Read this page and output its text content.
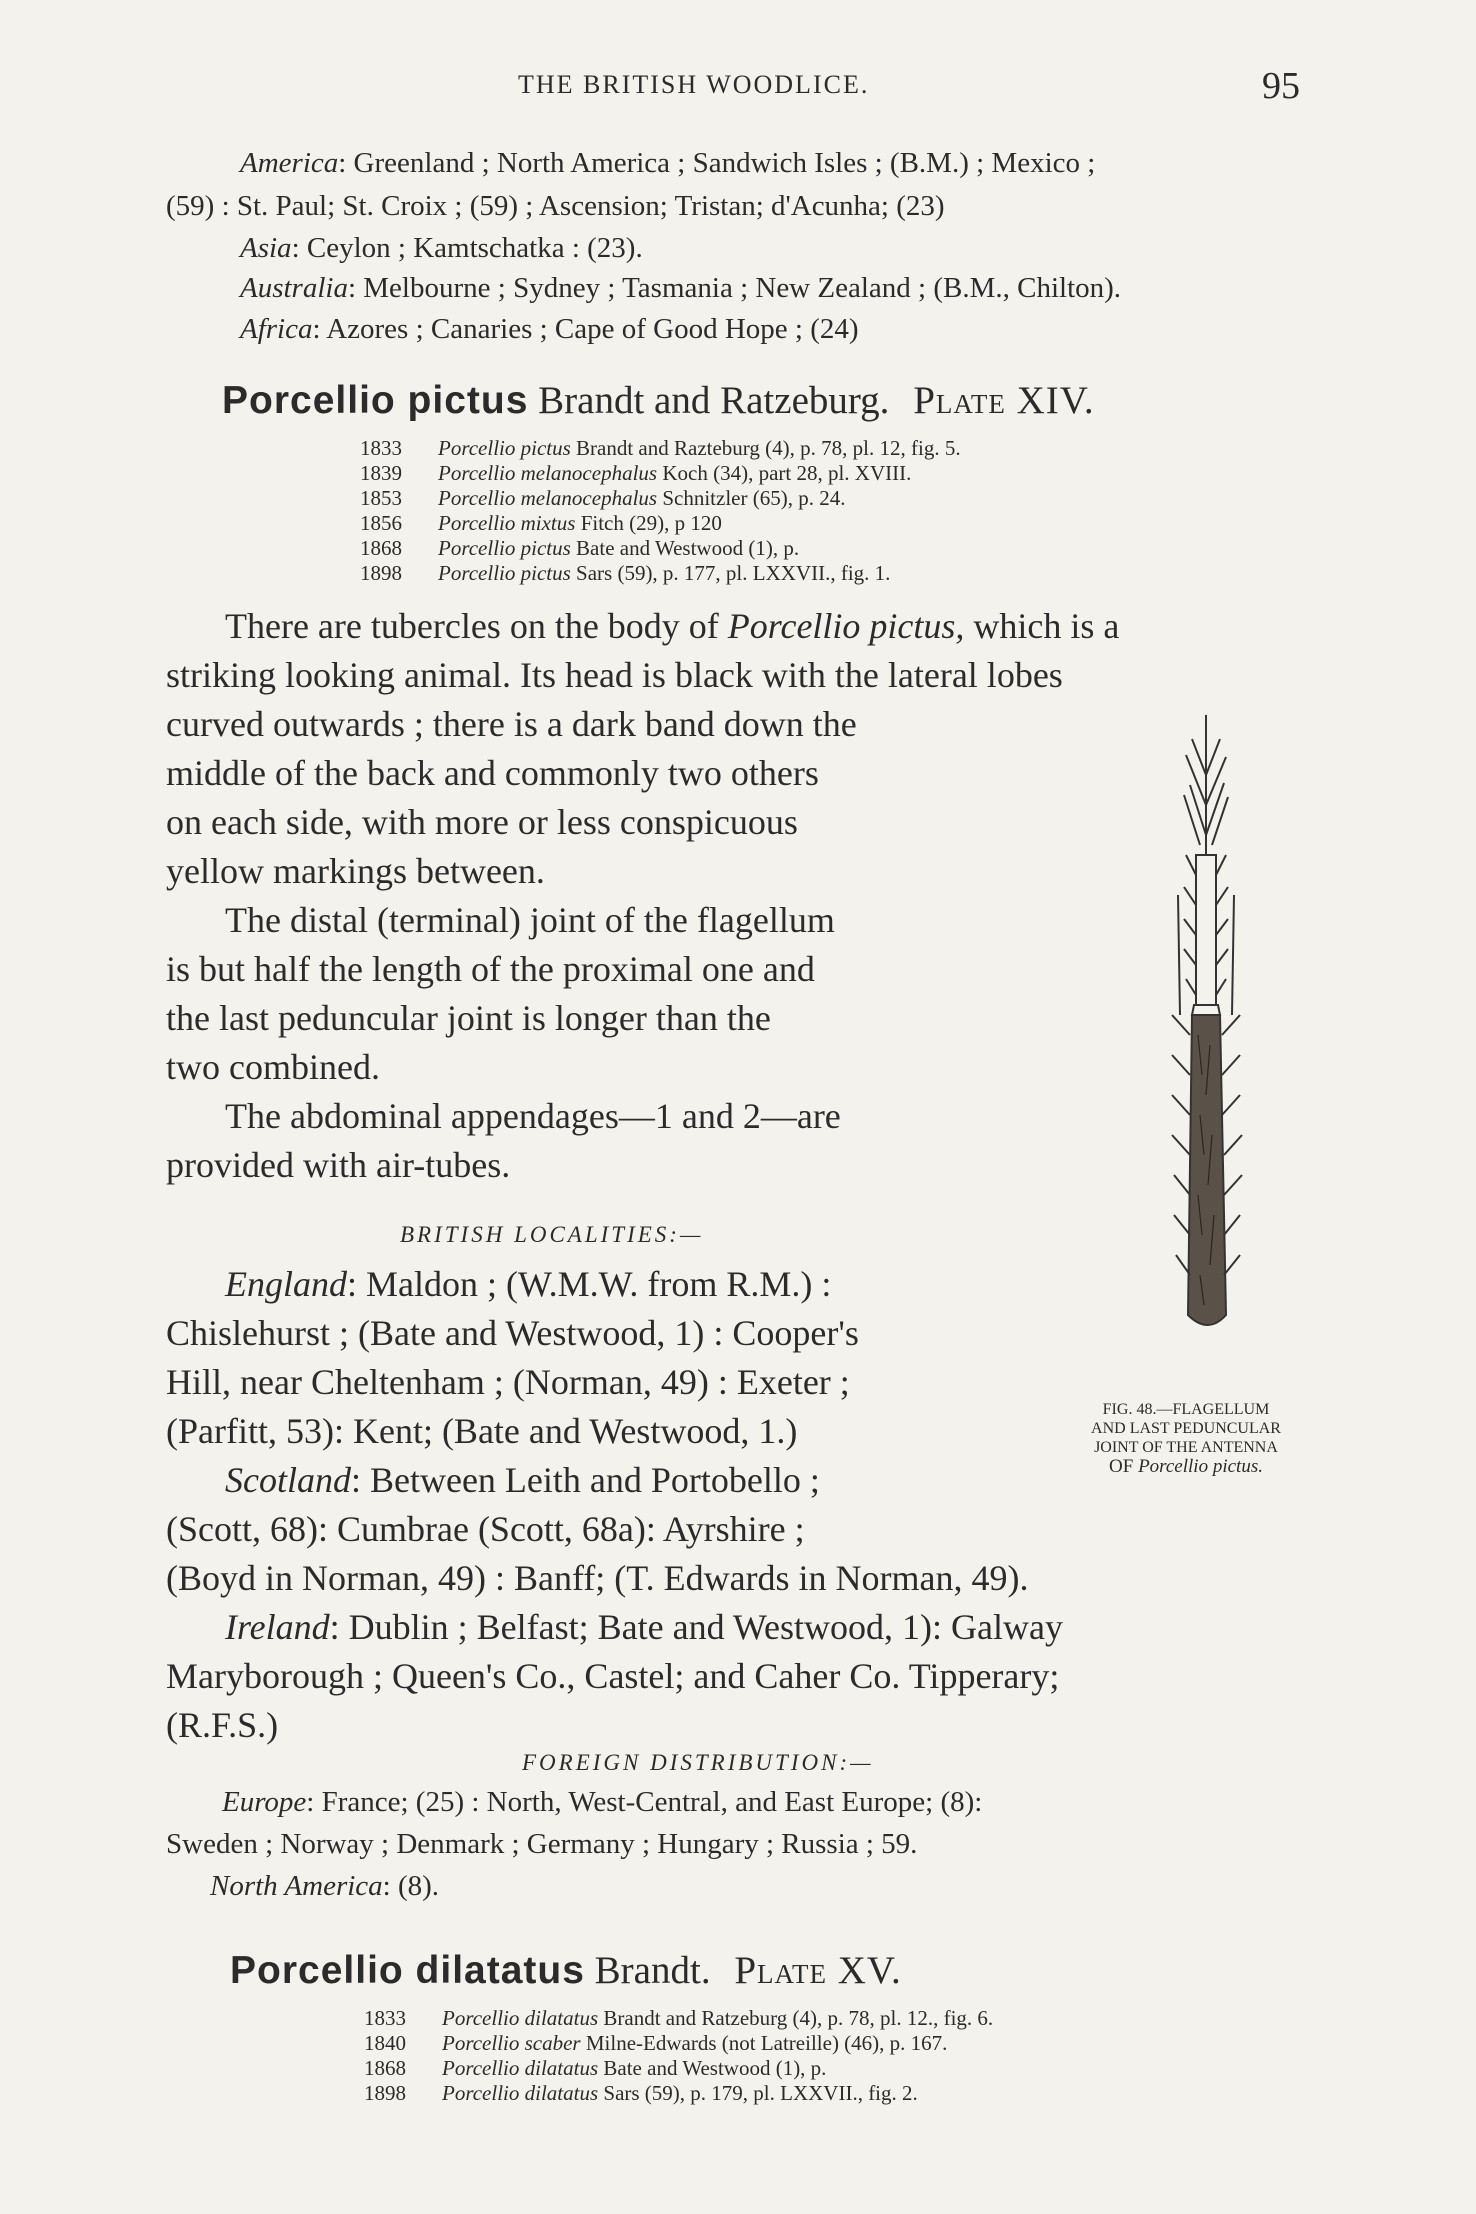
THE BRITISH WOODLICE.	95
America: Greenland ; North America ; Sandwich Isles ; (B.M.) ; Mexico ;
(59) : St. Paul; St. Croix ; (59) ; Ascension; Tristan; d'Acunha; (23)
Asia: Ceylon ; Kamtschatka : (23).
Australia: Melbourne ; Sydney ; Tasmania ; New Zealand ; (B.M., Chilton).
Africa: Azores ; Canaries ; Cape of Good Hope ; (24)
Porcellio pictus Brandt and Ratzeburg. Plate XIV.
1833 Porcellio pictus Brandt and Razteburg (4), p. 78, pl. 12, fig. 5.
1839 Porcellio melanocephalus Koch (34), part 28, pl. XVIII.
1853 Porcellio melanocephalus Schnitzler (65), p. 24.
1856 Porcellio mixtus Fitch (29), p 120
1868 Porcellio pictus Bate and Westwood (1), p.
1898 Porcellio pictus Sars (59), p. 177, pl. LXXVII., fig. 1.
There are tubercles on the body of Porcellio pictus, which is a
striking looking animal. Its head is black with the lateral lobes
curved outwards ; there is a dark band down the
middle of the back and commonly two others
on each side, with more or less conspicuous
yellow markings between.
The distal (terminal) joint of the flagellum
is but half the length of the proximal one and
the last peduncular joint is longer than the
two combined.
The abdominal appendages—1 and 2—are
provided with air-tubes.
BRITISH LOCALITIES:—
England: Maldon ; (W.M.W. from R.M.) :
Chislehurst ; (Bate and Westwood, 1) : Cooper's
Hill, near Cheltenham ; (Norman, 49) : Exeter ;
(Parfitt, 53): Kent; (Bate and Westwood, 1.)
Scotland: Between Leith and Portobello ;
(Scott, 68): Cumbrae (Scott, 68a): Ayrshire ;
(Boyd in Norman, 49) : Banff; (T. Edwards in Norman, 49).
Ireland: Dublin ; Belfast; Bate and Westwood, 1): Galway
Maryborough ; Queen's Co., Castel; and Caher Co. Tipperary;
(R.F.S.)
FIG. 48.—FLAGELLUM
AND LAST PEDUNCULAR
JOINT OF THE ANTENNA
OF Porcellio pictus.
FOREIGN DISTRIBUTION:—
Europe: France; (25) : North, West-Central, and East Europe; (8):
Sweden ; Norway ; Denmark ; Germany ; Hungary ; Russia ; 59.
North America: (8).
Porcellio dilatatus Brandt. Plate XV.
1833 Porcellio dilatatus Brandt and Ratzeburg (4), p. 78, pl. 12., fig. 6.
1840 Porcellio scaber Milne-Edwards (not Latreille) (46), p. 167.
1868 Porcellio dilatatus Bate and Westwood (1), p.
1898 Porcellio dilatatus Sars (59), p. 179, pl. LXXVII., fig. 2.
